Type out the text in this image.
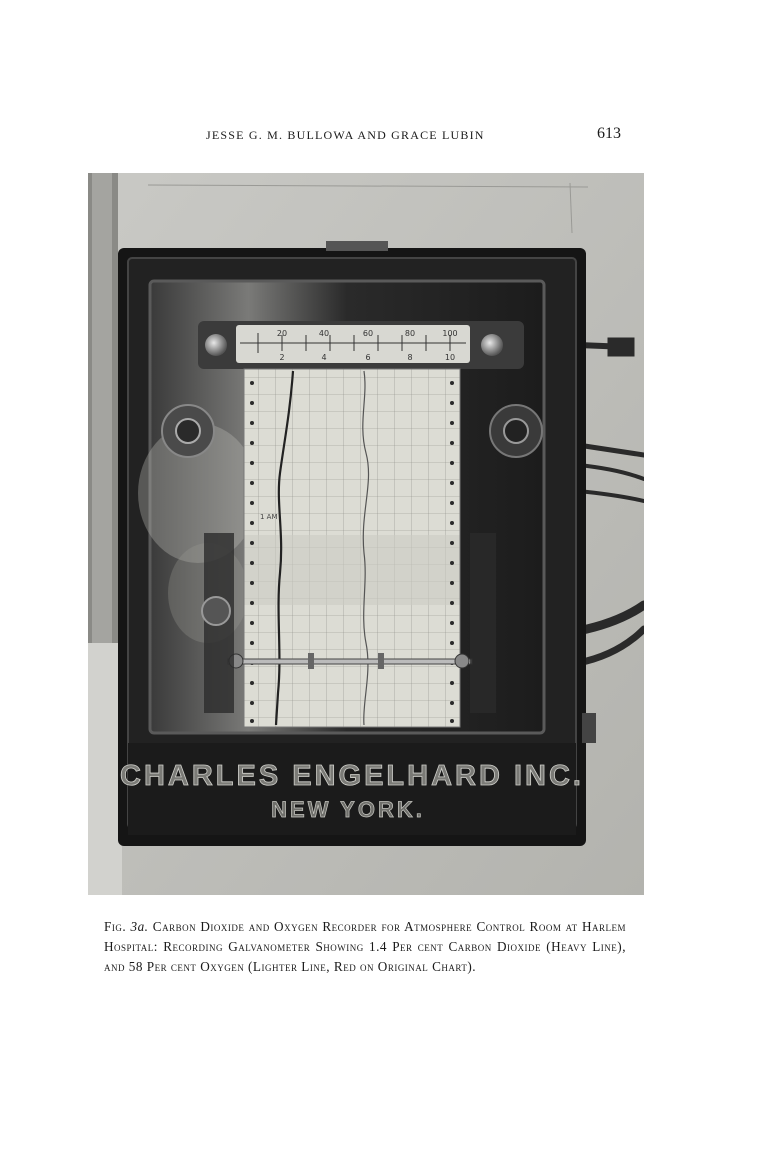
JESSE G. M. BULLOWA AND GRACE LUBIN	613
20	40	60	80	100
2	4	6	8	10
1 AM
CHARLES ENGELHARD INC.
NEW YORK.
Fig. 3a. Carbon Dioxide and Oxygen Recorder for Atmosphere Control Room at Harlem Hospital: Recording Galvanometer Showing 1.4 Per cent Carbon Dioxide (Heavy Line), and 58 Per cent Oxygen (Lighter Line, Red on Original Chart).
